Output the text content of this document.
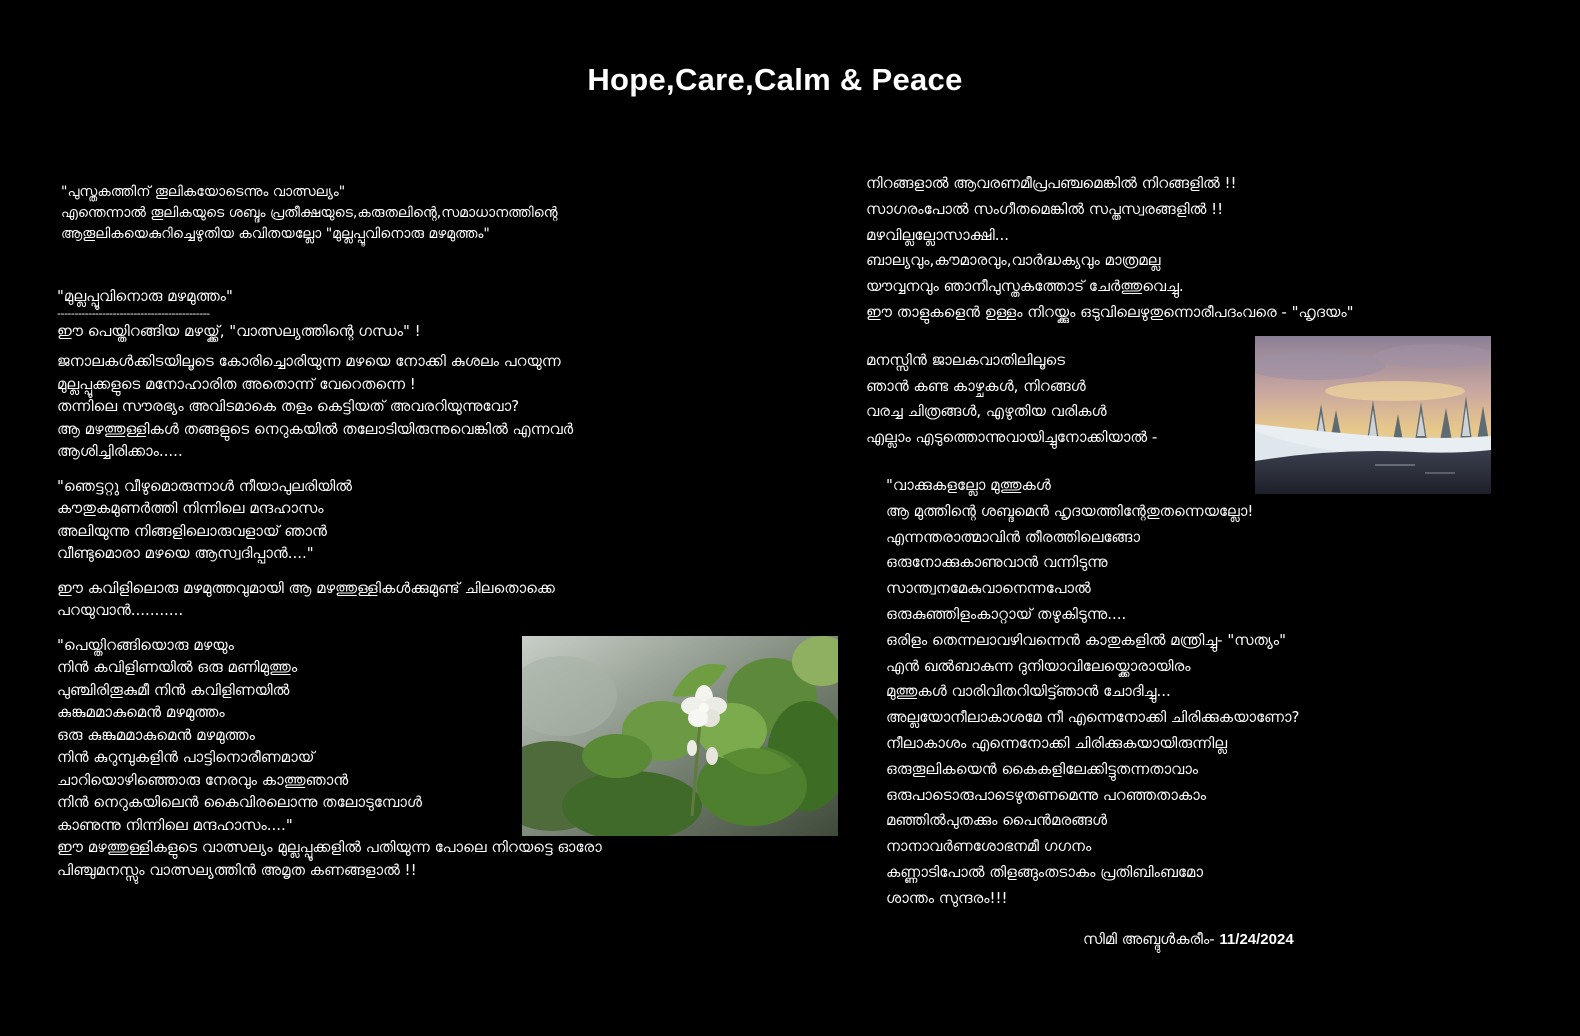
Hope,Care,Calm & Peace
"പുസ്തകത്തിന് തൂലികയോടെന്നും വാത്സല്യം"
എന്തെന്നാൽ തൂലികയുടെ ശബ്ദം പ്രതീക്ഷയുടെ,കരുതലിന്റെ,സമാധാനത്തിന്റെ
ആതൂലികയെകുറിച്ചെഴുതിയ കവിതയല്ലോ "മുല്ലപ്പൂവിനൊരു മഴമുത്തം"
"മുല്ലപ്പൂവിനൊരു മഴമുത്തം"
--------------------------------------------
ഈ പെയ്തിറങ്ങിയ മഴയ്ക്ക്, "വാത്സല്യത്തിന്റെ ഗന്ധം" !
ജനാലകൾക്കിടയിലൂടെ കോരിച്ചൊരിയുന്ന മഴയെ നോക്കി കുശലം പറയുന്ന
മുല്ലപ്പൂക്കളുടെ മനോഹാരിത അതൊന്ന് വേറെതന്നെ !
തന്നിലെ സൗരഭ്യം അവിടമാകെ തളം കെട്ടിയത് അവരറിയുന്നുവോ?
ആ മഴത്തുള്ളികൾ തങ്ങളുടെ നെറുകയിൽ തലോടിയിരുന്നുവെങ്കിൽ എന്നവർ
ആശിച്ചിരിക്കാം.....
"ഞെട്ടറ്റു വീഴുമൊരുന്നാൾ നീയാപുലരിയിൽ
കൗതുകമുണർത്തി നിന്നിലെ മന്ദഹാസം
അലിയുന്നു നിങ്ങളിലൊരുവളായ് ഞാൻ
വീണ്ടുമൊരാ മഴയെ ആസ്വദിപ്പാൻ...."
ഈ കവിളിലൊരു മഴമുത്തവുമായി ആ മഴത്തുള്ളികൾക്കുമുണ്ട് ചിലതൊക്കെ
പറയുവാൻ...........
"പെയ്തിറങ്ങിയൊരു മഴയും
നിൻ കവിളിണയിൽ ഒരു മണിമുത്തും
പുഞ്ചിരിതൂകുമീ നിൻ കവിളിണയിൽ
കുങ്കുമമാകുമെൻ മഴമുത്തം
ഒരു കുങ്കുമമാകുമെൻ മഴമുത്തം
നിൻ കുറുമ്പുകളിൻ പാട്ടിനൊരീണമായ്
ചാറിയൊഴിഞ്ഞൊരു നേരവും കാത്തുഞാൻ
നിൻ നെറുകയിലെൻ കൈവിരലൊന്നു തലോടുമ്പോൾ
കാണുന്നു നിന്നിലെ മന്ദഹാസം...."
ഈ മഴത്തുള്ളികളുടെ വാത്സല്യം മുല്ലപ്പൂക്കളിൽ പതിയുന്ന പോലെ നിറയട്ടെ ഓരോ
പിഞ്ചുമനസ്സും വാത്സല്യത്തിൻ അമൃത കണങ്ങളാൽ !!
നിറങ്ങളാൽ ആവരണമീപ്രപഞ്ചമെങ്കിൽ നിറങ്ങളിൽ !!
സാഗരംപോൽ സംഗീതമെങ്കിൽ സപ്തസ്വരങ്ങളിൽ !!
മഴവില്ലല്ലോസാക്ഷി...
ബാല്യവും,കൗമാരവും,വാർദ്ധക്യവും മാത്രമല്ല
യൗവ്വനവും ഞാനീപുസ്തകത്തോട് ചേർത്തുവെച്ചു.
ഈ താളുകളെൻ ഉള്ളം നിറയ്ക്കും ഒടുവിലെഴുതുന്നൊരീപദംവരെ - "ഹൃദയം"
മനസ്സിൻ ജാലകവാതിലിലൂടെ
ഞാൻ കണ്ട കാഴ്ചകൾ, നിറങ്ങൾ
വരച്ച ചിത്രങ്ങൾ, എഴുതിയ വരികൾ
എല്ലാം എടുത്തൊന്നുവായിച്ചുനോക്കിയാൽ -
"വാക്കുകളല്ലോ മുത്തുകൾ
ആ മുത്തിന്റെ ശബ്ദമെൻ ഹൃദയത്തിന്റേതുതന്നെയല്ലോ!
എന്നന്തരാത്മാവിൻ തീരത്തിലെങ്ങോ
ഒരുനോക്കുകാണുവാൻ വന്നിടുന്നു
സാന്ത്വനമേകുവാനെന്നപോൽ
ഒരുകുഞ്ഞിളംകാറ്റായ് തഴുകിടുന്നു....
ഒരിളം തെന്നലാവഴിവന്നെൻ കാതുകളിൽ മന്ത്രിച്ചു- "സത്യം"
എൻ ഖൽബാകുന്ന ദുനിയാവിലേയ്ക്കൊരായിരം
മുത്തുകൾ വാരിവിതറിയിട്ട്ഞാൻ ചോദിച്ചു...
അല്ലയോനീലാകാശമേ നീ എന്നെനോക്കി ചിരിക്കുകയാണോ?
നീലാകാശം എന്നെനോക്കി ചിരിക്കുകയായിരുന്നില്ല
ഒരുതൂലികയെൻ കൈകളിലേക്കിട്ടുതന്നതാവാം
ഒരുപാടൊരുപാടെഴുതണമെന്നു പറഞ്ഞതാകാം
മഞ്ഞിൽപുതക്കും പൈൻമരങ്ങൾ
നാനാവർണശോഭനമീ ഗഗനം
കണ്ണാടിപോൽ തിളങ്ങുംതടാകം പ്രതിബിംബമോ
ശാന്തം സുന്ദരം!!!
സിമി അബ്ദുൾകരീം- 11/24/2024
